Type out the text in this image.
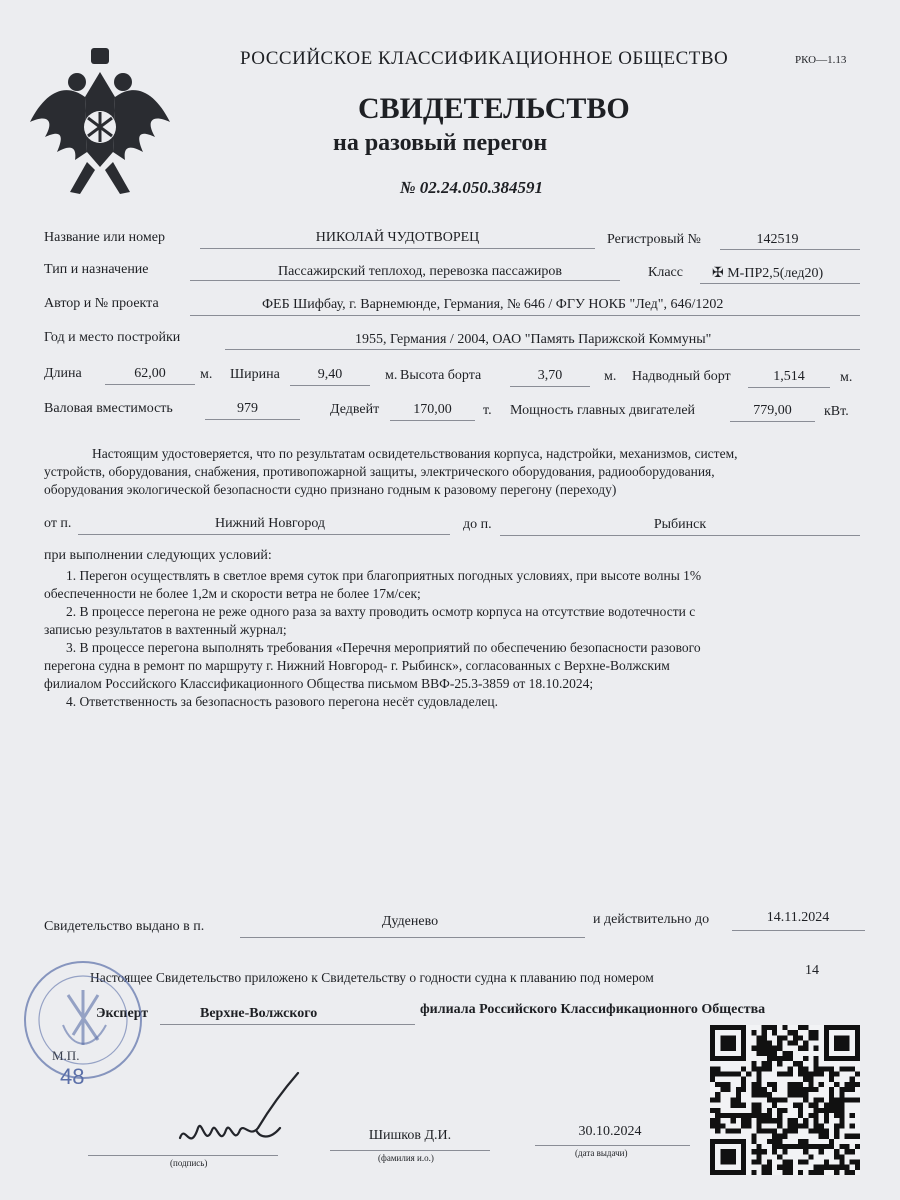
РОССИЙСКОЕ КЛАССИФИКАЦИОННОЕ ОБЩЕСТВО	РКО—1.13
СВИДЕТЕЛЬСТВО
на разовый перегон
№ 02.24.050.384591
Название или номер	НИКОЛАЙ ЧУДОТВОРЕЦ	Регистровый №	142519
Тип и назначение	Пассажирский теплоход, перевозка пассажиров	Класс ✠ М-ПР2,5(лед20)
Автор и № проекта	ФЕБ Шифбау, г. Варнемюнде, Германия, № 646 / ФГУ НОКБ "Лед", 646/1202
Год и место постройки	1955, Германия / 2004, ОАО "Память Парижской Коммуны"
Длина	62,00	м. Ширина	9,40	м. Высота борта	3,70	м. Надводный борт	1,514	м.
Валовая вместимость	979	Дедвейт	170,00	т. Мощность главных двигателей	779,00	кВт.
Настоящим удостоверяется, что по результатам освидетельствования корпуса, надстройки, механизмов, систем,
устройств, оборудования, снабжения, противопожарной защиты, электрического оборудования, радиооборудования,
оборудования экологической безопасности судно признано годным к разовому перегону (переходу)
от п.	Нижний Новгород	до п.	Рыбинск
при выполнении следующих условий:
1. Перегон осуществлять в светлое время суток при благоприятных погодных условиях, при высоте волны 1%
обеспеченности не более 1,2м и скорости ветра не более 17м/сек;
2. В процессе перегона не реже одного раза за вахту проводить осмотр корпуса на отсутствие водотечности с
записью результатов в вахтенный журнал;
3. В процессе перегона выполнять требования «Перечня мероприятий по обеспечению безопасности разового
перегона судна в ремонт по маршруту г. Нижний Новгород- г. Рыбинск», согласованных с Верхне-Волжским
филиалом Российского Классификационного Общества письмом ВВФ-25.3-3859 от 18.10.2024;
4. Ответственность за безопасность разового перегона несёт судовладелец.
Свидетельство выдано в п.	Дуденево	и действительно до	14.11.2024
Настоящее Свидетельство приложено к Свидетельству о годности судна к плаванию под номером	14
Эксперт	Верхне-Волжского	филиала Российского Классификационного Общества
М.П.
48
(подпись)
Шишков Д.И.
(фамилия и.о.)
30.10.2024
(дата выдачи)
